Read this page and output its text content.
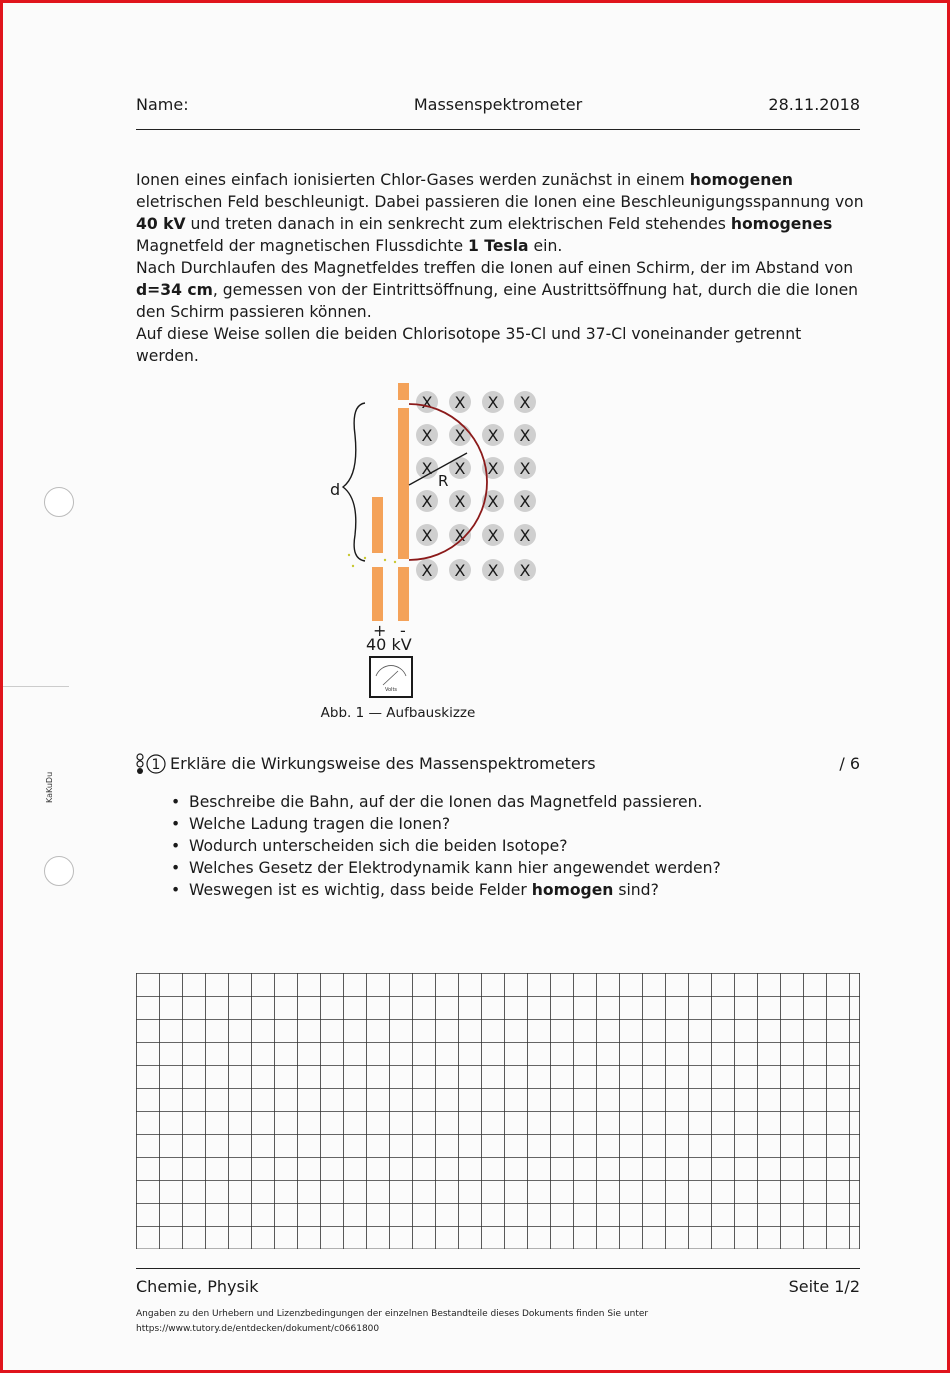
Name:	Massenspektrometer	28.11.2018

Ionen eines einfach ionisierten Chlor-Gases werden zunächst in einem homogenen eletrischen Feld beschleunigt. Dabei passieren die Ionen eine Beschleunigungsspannung von 40 kV und treten danach in ein senkrecht zum elektrischen Feld stehendes homogenes Magnetfeld der magnetischen Flussdichte 1 Tesla ein.

Nach Durchlaufen des Magnetfeldes treffen die Ionen auf einen Schirm, der im Abstand von d=34 cm, gemessen von der Eintrittsöffnung, eine Austrittsöffnung hat, durch die die Ionen den Schirm passieren können.

Auf diese Weise sollen die beiden Chlorisotope 35-Cl und 37-Cl voneinander getrennt werden.

KaKuDu
d
X X X X
X X X X
X X X X
X X X X
X X X X
X X X X
R
+ -
40 kV
Volts
Abb. 1 — Aufbauskizze
1 Erkläre die Wirkungsweise des Massenspektrometers	/ 6
• Beschreibe die Bahn, auf der die Ionen das Magnetfeld passieren.
• Welche Ladung tragen die Ionen?
• Wodurch unterscheiden sich die beiden Isotope?
• Welches Gesetz der Elektrodynamik kann hier angewendet werden?
• Weswegen ist es wichtig, dass beide Felder homogen sind?
Chemie, Physik	Seite 1/2
Angaben zu den Urhebern und Lizenzbedingungen der einzelnen Bestandteile dieses Dokuments finden Sie unter
https://www.tutory.de/entdecken/dokument/c0661800
